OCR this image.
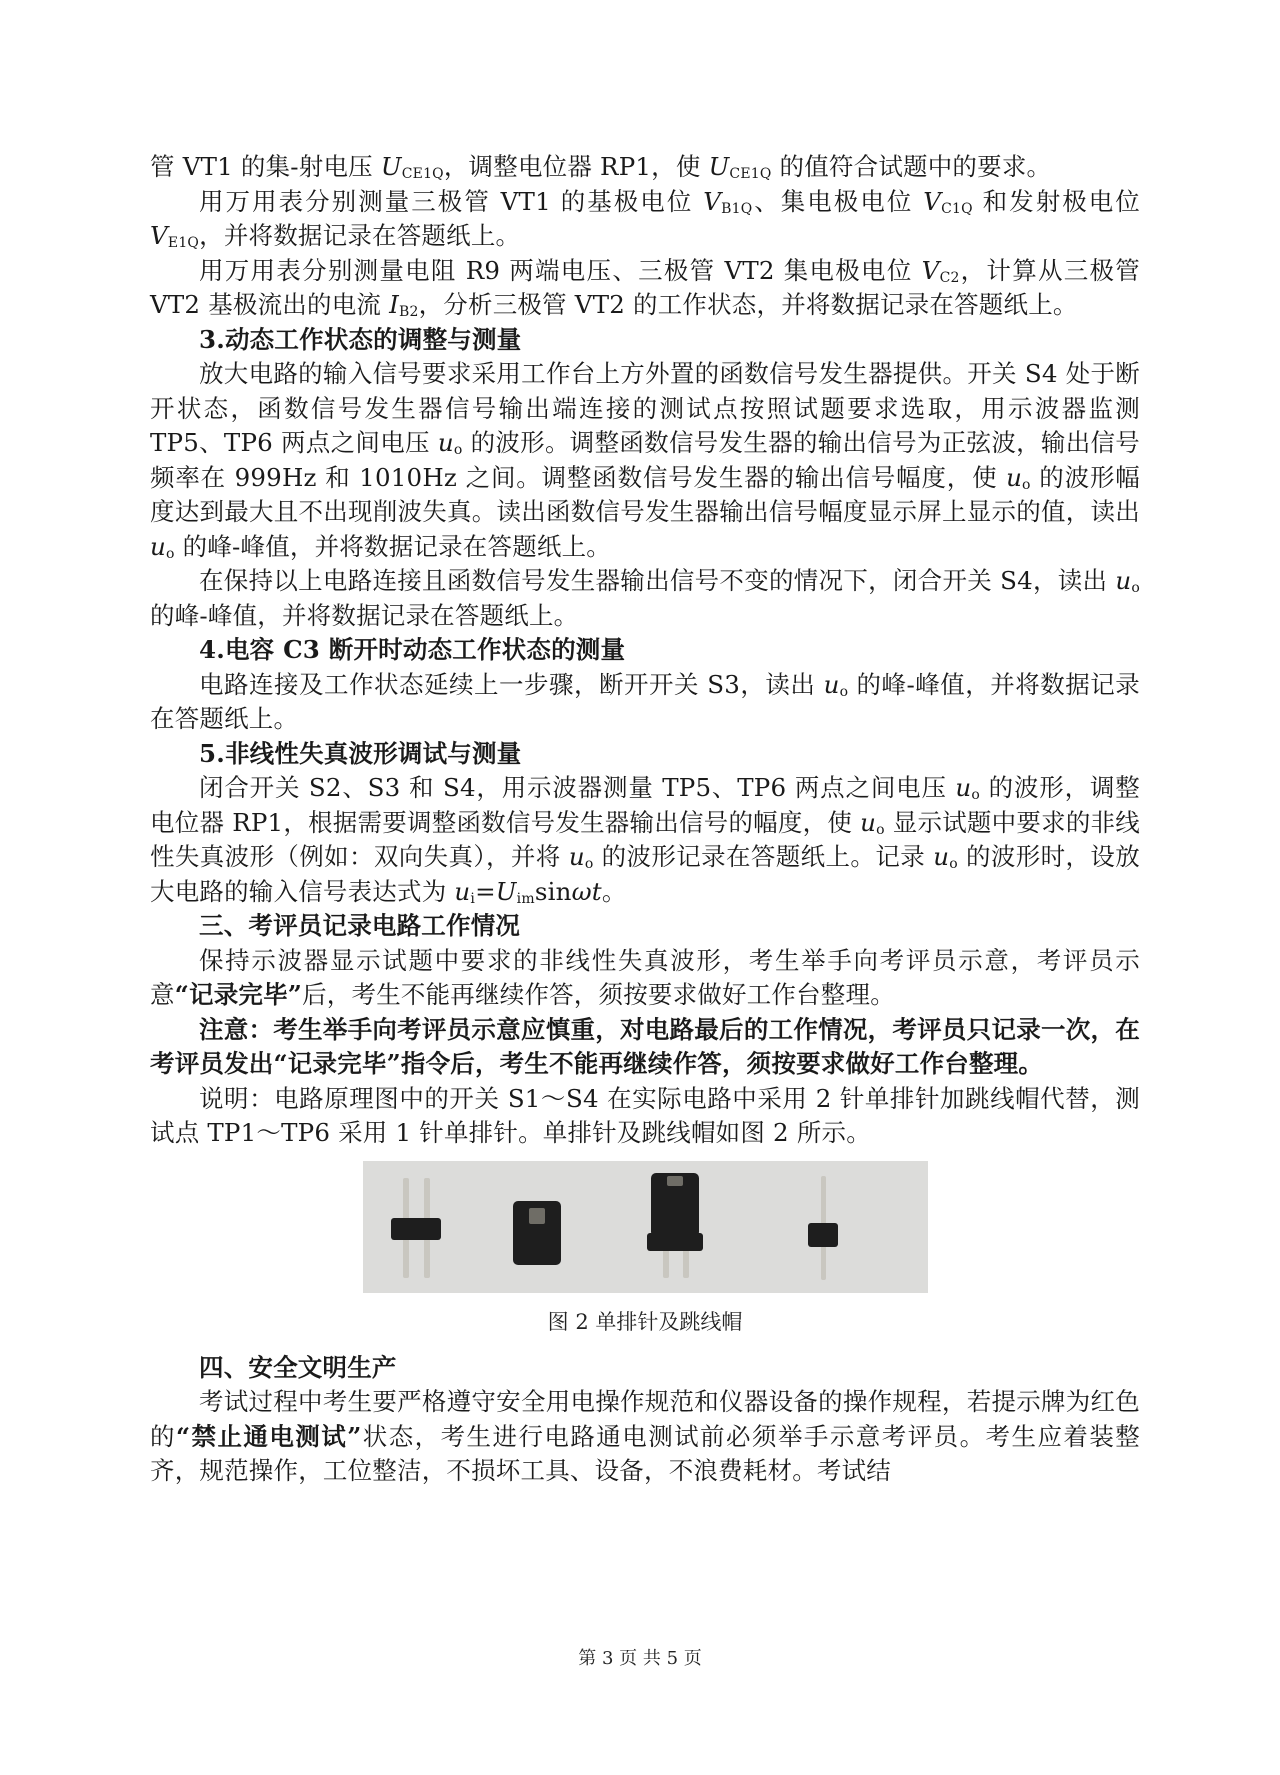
管 VT1 的集-射电压 $U_{CE1Q}$，调整电位器 RP1，使 $U_{CE1Q}$ 的值符合试题中的要求。

用万用表分别测量三极管 VT1 的基极电位 $V_{B1Q}$、集电极电位 $V_{C1Q}$ 和发射极电位 $V_{E1Q}$，并将数据记录在答题纸上。

用万用表分别测量电阻 R9 两端电压、三极管 VT2 集电极电位 $V_{C2}$，计算从三极管 VT2 基极流出的电流 $I_{B2}$，分析三极管 VT2 的工作状态，并将数据记录在答题纸上。

3.动态工作状态的调整与测量

放大电路的输入信号要求采用工作台上方外置的函数信号发生器提供。开关 S4 处于断开状态，函数信号发生器信号输出端连接的测试点按照试题要求选取，用示波器监测 TP5、TP6 两点之间电压 $u_o$ 的波形。调整函数信号发生器的输出信号为正弦波，输出信号频率在 999Hz 和 1010Hz 之间。调整函数信号发生器的输出信号幅度，使 $u_o$ 的波形幅度达到最大且不出现削波失真。读出函数信号发生器输出信号幅度显示屏上显示的值，读出 $u_o$ 的峰-峰值，并将数据记录在答题纸上。

在保持以上电路连接且函数信号发生器输出信号不变的情况下，闭合开关 S4，读出 $u_o$ 的峰-峰值，并将数据记录在答题纸上。

4.电容 C3 断开时动态工作状态的测量

电路连接及工作状态延续上一步骤，断开开关 S3，读出 $u_o$ 的峰-峰值，并将数据记录在答题纸上。

5.非线性失真波形调试与测量

闭合开关 S2、S3 和 S4，用示波器测量 TP5、TP6 两点之间电压 $u_o$ 的波形，调整电位器 RP1，根据需要调整函数信号发生器输出信号的幅度，使 $u_o$ 显示试题中要求的非线性失真波形（例如：双向失真），并将 $u_o$ 的波形记录在答题纸上。记录 $u_o$ 的波形时，设放大电路的输入信号表达式为 $u_i=U_{im}\sin\omega t$。

三、考评员记录电路工作情况

保持示波器显示试题中要求的非线性失真波形，考生举手向考评员示意，考评员示意“记录完毕”后，考生不能再继续作答，须按要求做好工作台整理。

注意：考生举手向考评员示意应慎重，对电路最后的工作情况，考评员只记录一次，在考评员发出“记录完毕”指令后，考生不能再继续作答，须按要求做好工作台整理。

说明：电路原理图中的开关 S1～S4 在实际电路中采用 2 针单排针加跳线帽代替，测试点 TP1～TP6 采用 1 针单排针。单排针及跳线帽如图 2 所示。

图 2 单排针及跳线帽

四、安全文明生产

考试过程中考生要严格遵守安全用电操作规范和仪器设备的操作规程，若提示牌为红色的“禁止通电测试”状态，考生进行电路通电测试前必须举手示意考评员。考生应着装整齐，规范操作，工位整洁，不损坏工具、设备，不浪费耗材。考试结

第 3 页 共 5 页
